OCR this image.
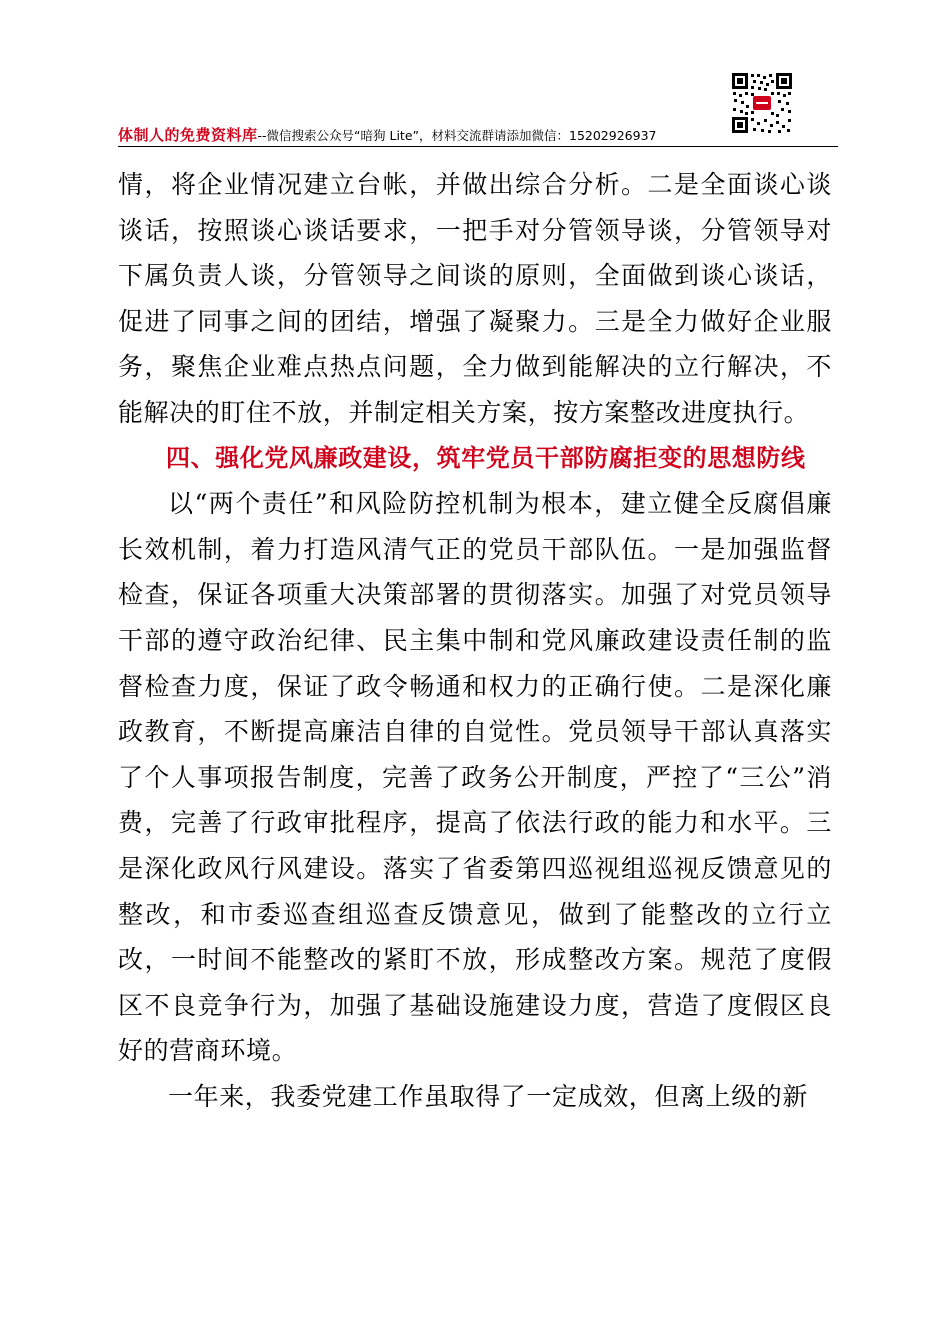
体制人的免费资料库--微信搜索公众号“暗狗 Lite”，材料交流群请添加微信：15202926937

情，将企业情况建立台帐，并做出综合分析。二是全面谈心谈谈话，按照谈心谈话要求，一把手对分管领导谈，分管领导对下属负责人谈，分管领导之间谈的原则，全面做到谈心谈话，促进了同事之间的团结，增强了凝聚力。三是全力做好企业服务，聚焦企业难点热点问题，全力做到能解决的立行解决，不能解决的盯住不放，并制定相关方案，按方案整改进度执行。

四、强化党风廉政建设，筑牢党员干部防腐拒变的思想防线

以“两个责任”和风险防控机制为根本，建立健全反腐倡廉长效机制，着力打造风清气正的党员干部队伍。一是加强监督检查，保证各项重大决策部署的贯彻落实。加强了对党员领导干部的遵守政治纪律、民主集中制和党风廉政建设责任制的监督检查力度，保证了政令畅通和权力的正确行使。二是深化廉政教育，不断提高廉洁自律的自觉性。党员领导干部认真落实了个人事项报告制度，完善了政务公开制度，严控了“三公”消费，完善了行政审批程序，提高了依法行政的能力和水平。三是深化政风行风建设。落实了省委第四巡视组巡视反馈意见的整改，和市委巡查组巡查反馈意见，做到了能整改的立行立改，一时间不能整改的紧盯不放，形成整改方案。规范了度假区不良竞争行为，加强了基础设施建设力度，营造了度假区良好的营商环境。

一年来，我委党建工作虽取得了一定成效，但离上级的新
